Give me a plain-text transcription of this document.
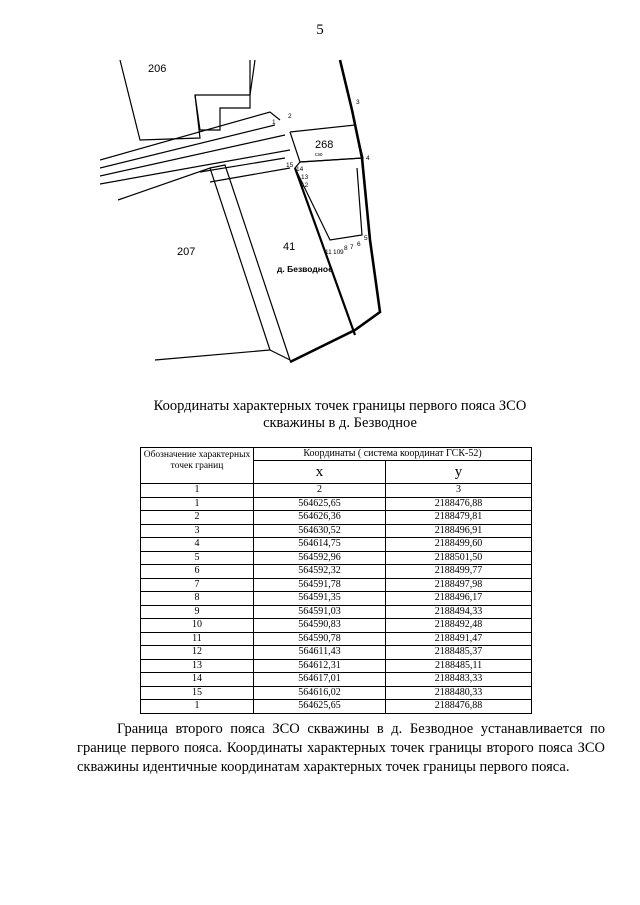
5
206
207	41
268
сзо
д. Безводное
1
2
3
4
5
6
7
8
9
10
11
12
13
14
15
Координаты характерных точек границы первого пояса ЗСО
скважины в д. Безводное
Обозначение характерных точек границ	Координаты ( система координат ГСК-52)	
	x	y
1	2	3
1	564625,65	2188476,88
2	564626,36	2188479,81
3	564630,52	2188496,91
4	564614,75	2188499,60
5	564592,96	2188501,50
6	564592,32	2188499,77
7	564591,78	2188497,98
8	564591,35	2188496,17
9	564591,03	2188494,33
10	564590,83	2188492,48
11	564590,78	2188491,47
12	564611,43	2188485,37
13	564612,31	2188485,11
14	564617,01	2188483,33
15	564616,02	2188480,33
1	564625,65	2188476,88

Граница второго пояса ЗСО скважины в д. Безводное устанавливается по границе первого пояса. Координаты характерных точек границы второго пояса ЗСО скважины идентичные координатам характерных точек границы первого пояса.
